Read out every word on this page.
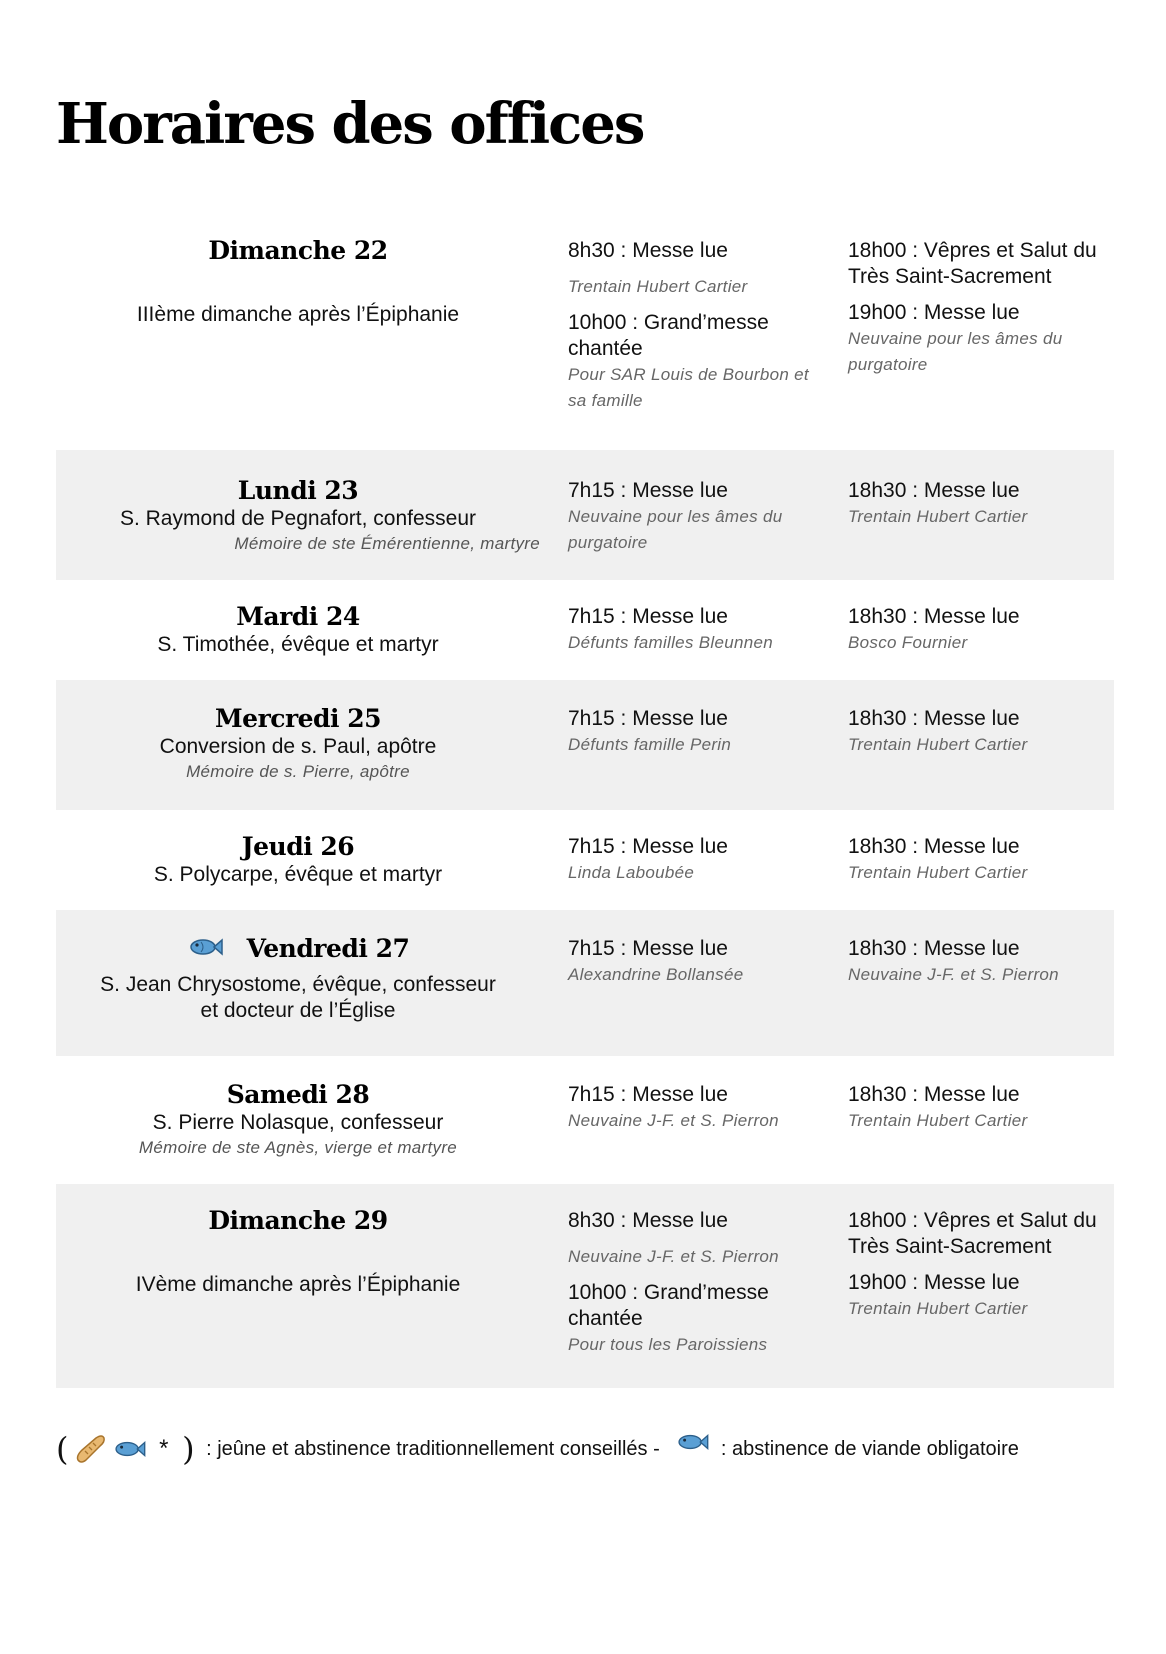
Horaires des offices
Dimanche 22
IIIème dimanche après l’Épiphanie
8h30 : Messe lue
Trentain Hubert Cartier
10h00 : Grand’messe chantée
Pour SAR Louis de Bourbon et sa famille
18h00 : Vêpres et Salut du Très Saint-Sacrement
19h00 : Messe lue
Neuvaine pour les âmes du purgatoire
Lundi 23
S. Raymond de Pegnafort, confesseur
Mémoire de ste Émérentienne, martyre
7h15 : Messe lue
Neuvaine pour les âmes du purgatoire
18h30 : Messe lue
Trentain Hubert Cartier
Mardi 24
S. Timothée, évêque et martyr
7h15 : Messe lue
Défunts familles Bleunnen
18h30 : Messe lue
Bosco Fournier
Mercredi 25
Conversion de s. Paul, apôtre
Mémoire de s. Pierre, apôtre
7h15 : Messe lue
Défunts famille Perin
18h30 : Messe lue
Trentain Hubert Cartier
Jeudi 26
S. Polycarpe, évêque et martyr
7h15 : Messe lue
Linda Laboubée
18h30 : Messe lue
Trentain Hubert Cartier
Vendredi 27
S. Jean Chrysostome, évêque, confesseur
et docteur de l’Église
7h15 : Messe lue
Alexandrine Bollansée
18h30 : Messe lue
Neuvaine J-F. et S. Pierron
Samedi 28
S. Pierre Nolasque, confesseur
Mémoire de ste Agnès, vierge et martyre
7h15 : Messe lue
Neuvaine J-F. et S. Pierron
18h30 : Messe lue
Trentain Hubert Cartier
Dimanche 29
IVème dimanche après l’Épiphanie
8h30 : Messe lue
Neuvaine J-F. et S. Pierron
10h00 : Grand’messe chantée
Pour tous les Paroissiens
18h00 : Vêpres et Salut du Très Saint-Sacrement
19h00 : Messe lue
Trentain Hubert Cartier
(	* ) : jeûne et abstinence traditionnellement conseillés -	: abstinence de viande obligatoire
